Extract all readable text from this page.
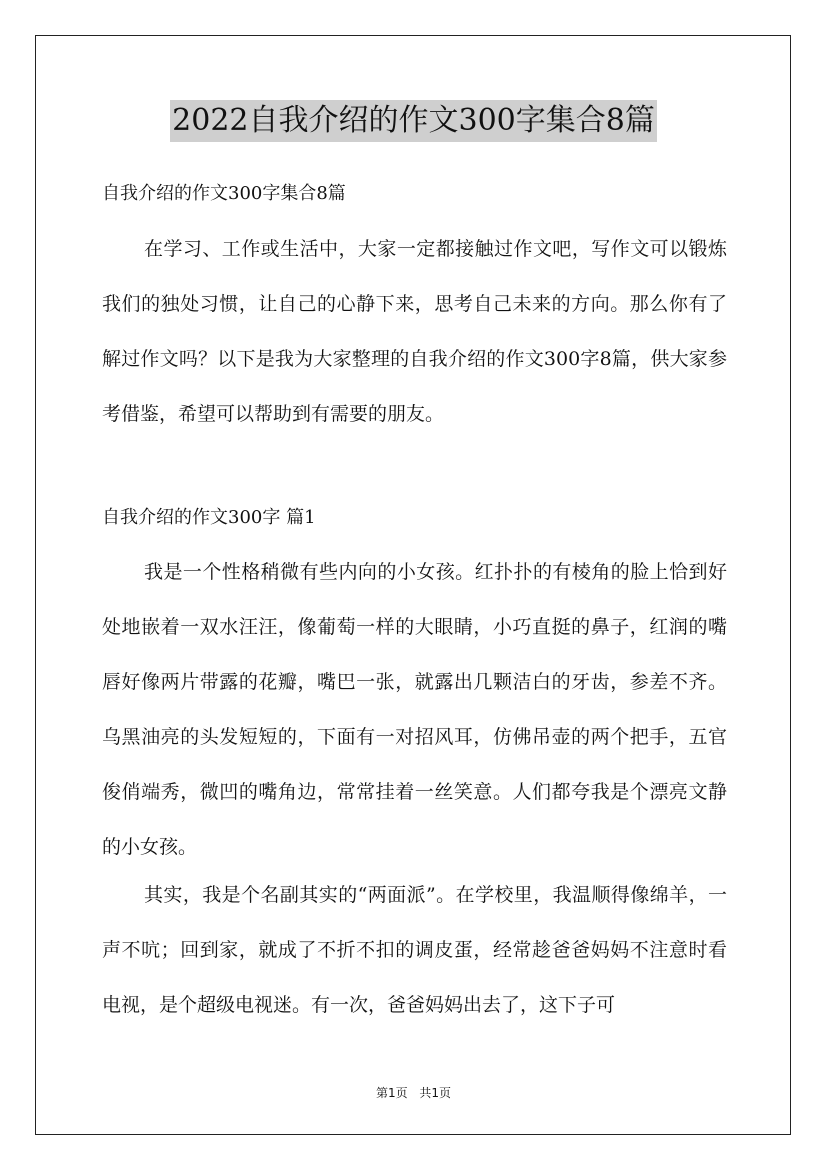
2022自我介绍的作文300字集合8篇
自我介绍的作文300字集合8篇

在学习、工作或生活中，大家一定都接触过作文吧，写作文可以锻炼我们的独处习惯，让自己的心静下来，思考自己未来的方向。那么你有了解过作文吗？以下是我为大家整理的自我介绍的作文300字8篇，供大家参考借鉴，希望可以帮助到有需要的朋友。

自我介绍的作文300字 篇1

我是一个性格稍微有些内向的小女孩。红扑扑的有棱角的脸上恰到好处地嵌着一双水汪汪，像葡萄一样的大眼睛，小巧直挺的鼻子，红润的嘴唇好像两片带露的花瓣，嘴巴一张，就露出几颗洁白的牙齿，参差不齐。乌黑油亮的头发短短的，下面有一对招风耳，仿佛吊壶的两个把手，五官俊俏端秀，微凹的嘴角边，常常挂着一丝笑意。人们都夸我是个漂亮文静的小女孩。

其实，我是个名副其实的“两面派”。在学校里，我温顺得像绵羊，一声不吭；回到家，就成了不折不扣的调皮蛋，经常趁爸爸妈妈不注意时看电视，是个超级电视迷。有一次，爸爸妈妈出去了，这下子可

第1页 共1页
